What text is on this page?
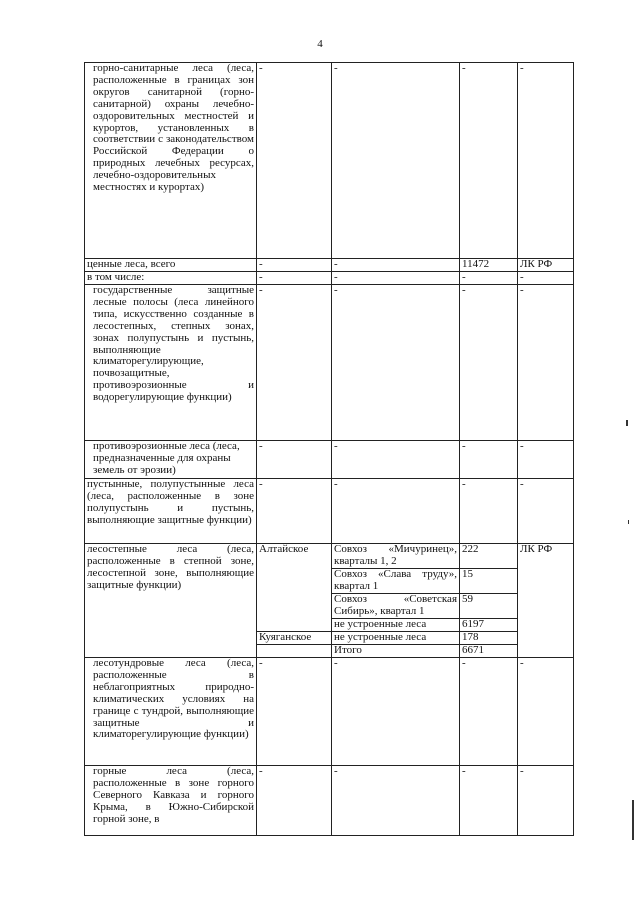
4
горно-санитарные леса (леса, расположенные в границах зон округов санитарной (горно-санитарной) охраны лечебно-оздоровительных местностей и курортов, установленных в соответствии с законодательством Российской Федерации о природных лечебных ресурсах, лечебно-оздоровительных местностях и курортах)	-	-	-	-
ценные леса, всего	-	-	11472	ЛК РФ
в том числе:	-	-	-	-
государственные защитные лесные полосы (леса линейного типа, искусственно созданные в лесостепных, степных зонах, зонах полупустынь и пустынь, выполняющие климаторегулирующие, почвозащитные, противоэрозионные и водорегулирующие функции)	-	-	-	-
противоэрозионные леса (леса, предназначенные для охраны земель от эрозии)	-	-	-	-
пустынные, полупустынные леса (леса, расположенные в зоне полупустынь и пустынь, выполняющие защитные функции)	-	-	-	-
лесостепные леса (леса, расположенные в степной зоне, лесостепной зоне, выполняющие защитные функции)	Алтайское	Совхоз «Мичуринец», кварталы 1, 2	222	ЛК РФ
		Совхоз «Слава труду», квартал 1	15	
		Совхоз «Советская Сибирь», квартал 1	59	
		не устроенные леса	6197	
	Куяганское	не устроенные леса	178	
		Итого	6671	
лесотундровые леса (леса, расположенные в неблагоприятных природно-климатических условиях на границе с тундрой, выполняющие защитные и климаторегулирующие функции)	-	-	-	-
горные леса (леса, расположенные в зоне горного Северного Кавказа и горного Крыма, в Южно-Сибирской горной зоне, в	-	-	-	-
